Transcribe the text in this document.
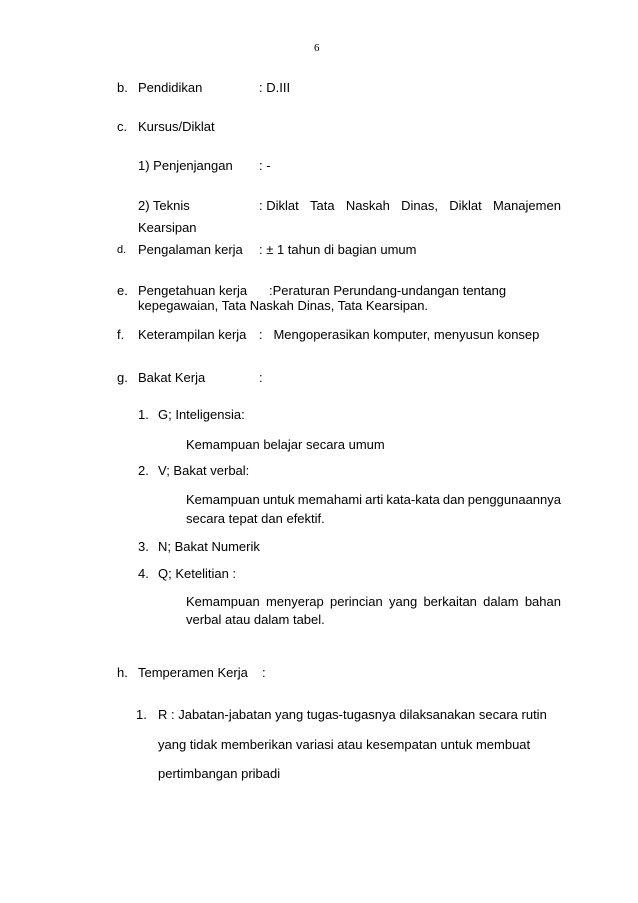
6
b. Pendidikan	: D.III
c. Kursus/Diklat
1) Penjenjangan : -
2) Teknis	: Diklat Tata Naskah Dinas, Diklat Manajemen
Kearsipan
d. Pengalaman kerja : ± 1 tahun di bagian umum
e. Pengetahuan kerja :Peraturan Perundang-undangan tentang
kepegawaian, Tata Naskah Dinas, Tata Kearsipan.
f. Keterampilan kerja :   Mengoperasikan komputer, menyusun konsep
g. Bakat Kerja	:
1. G; Inteligensia:
Kemampuan belajar secara umum
2. V; Bakat verbal:
Kemampuan untuk memahami arti kata-kata dan penggunaannya
secara tepat dan efektif.
3. N; Bakat Numerik
4. Q; Ketelitian :
Kemampuan menyerap perincian yang berkaitan dalam bahan
verbal atau dalam tabel.
h. Temperamen Kerja :
1. R : Jabatan-jabatan yang tugas-tugasnya dilaksanakan secara rutin
yang tidak memberikan variasi atau kesempatan untuk membuat
pertimbangan pribadi
